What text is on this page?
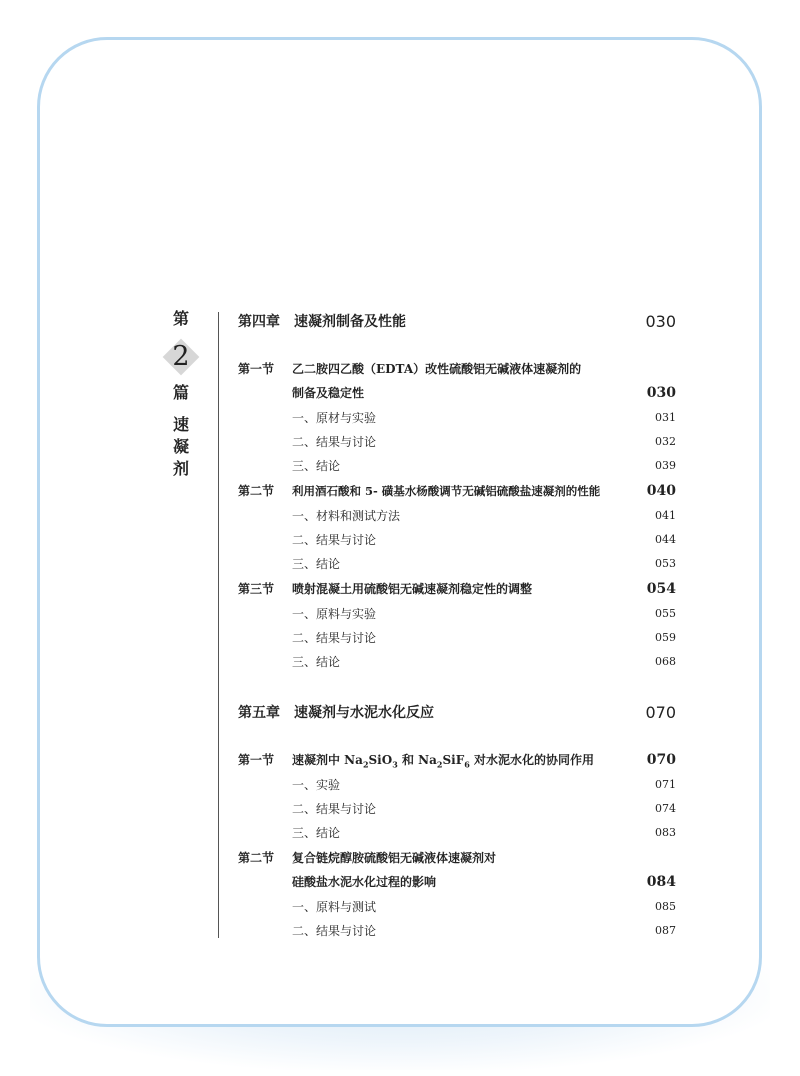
第
2
篇
速
凝
剂
第四章　速凝剂制备及性能	030
第一节 乙二胺四乙酸（EDTA）改性硫酸铝无碱液体速凝剂的
制备及稳定性	030
一、原材与实验	031
二、结果与讨论	032
三、结论	039
第二节 利用酒石酸和 5- 磺基水杨酸调节无碱铝硫酸盐速凝剂的性能	040
一、材料和测试方法	041
二、结果与讨论	044
三、结论	053
第三节 喷射混凝土用硫酸铝无碱速凝剂稳定性的调整	054
一、原料与实验	055
二、结果与讨论	059
三、结论	068
第五章　速凝剂与水泥水化反应	070
第一节 速凝剂中 $Na_2SiO_3$ 和 $Na_2SiF_6$ 对水泥水化的协同作用	070
一、实验	071
二、结果与讨论	074
三、结论	083
第二节 复合链烷醇胺硫酸铝无碱液体速凝剂对
硅酸盐水泥水化过程的影响	084
一、原料与测试	085
二、结果与讨论	087
